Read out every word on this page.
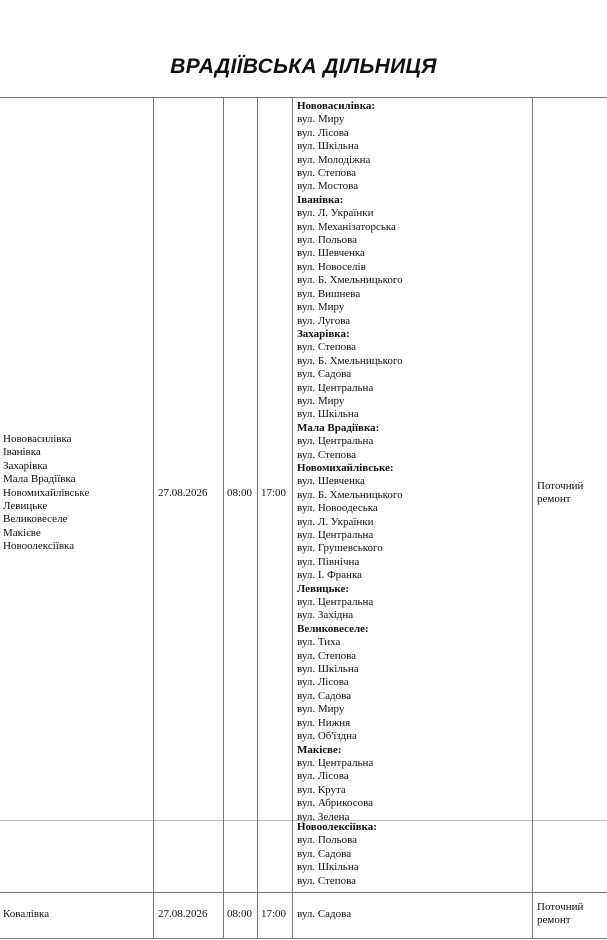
ВРАДІЇВСЬКА ДІЛЬНИЦЯ
Нововасилівка
Іванівка
Захарівка
Мала Врадіївка
Новомихайлівське
Левицьке
Великовеселе
Макієве
Новоолексіївка
27.08.2026 08:00 17:00
Нововасилівка:
вул. Миру
вул. Лісова
вул. Шкільна
вул. Молодіжна
вул. Степова
вул. Мостова
Іванівка:
вул. Л. Українки
вул. Механізаторська
вул. Польова
вул. Шевченка
вул. Новоселів
вул. Б. Хмельницького
вул. Вишнева
вул. Миру
вул. Лугова
Захарівка:
вул. Степова
вул. Б. Хмельницького
вул. Садова
вул. Центральна
вул. Миру
вул. Шкільна
Мала Врадіївка:
вул. Центральна
вул. Степова
Новомихайлівське:
вул. Шевченка
вул. Б. Хмельницького
вул. Новоодеська
вул. Л. Українки
вул. Центральна
вул. Грушевського
вул. Північна
вул. І. Франка
Левицьке:
вул. Центральна
вул. Західна
Великовеселе:
вул. Тиха
вул. Степова
вул. Шкільна
вул. Лісова
вул. Садова
вул. Миру
вул. Нижня
вул. Об'їздна
Макієве:
вул. Центральна
вул. Лісова
вул. Крута
вул. Абрикосова
вул. Зелена
Новоолексіївка:
вул. Польова
вул. Садова
вул. Шкільна
вул. Степова
Поточний
ремонт
Ковалівка	27.08.2026 08:00 17:00 вул. Садова
Поточний
ремонт
